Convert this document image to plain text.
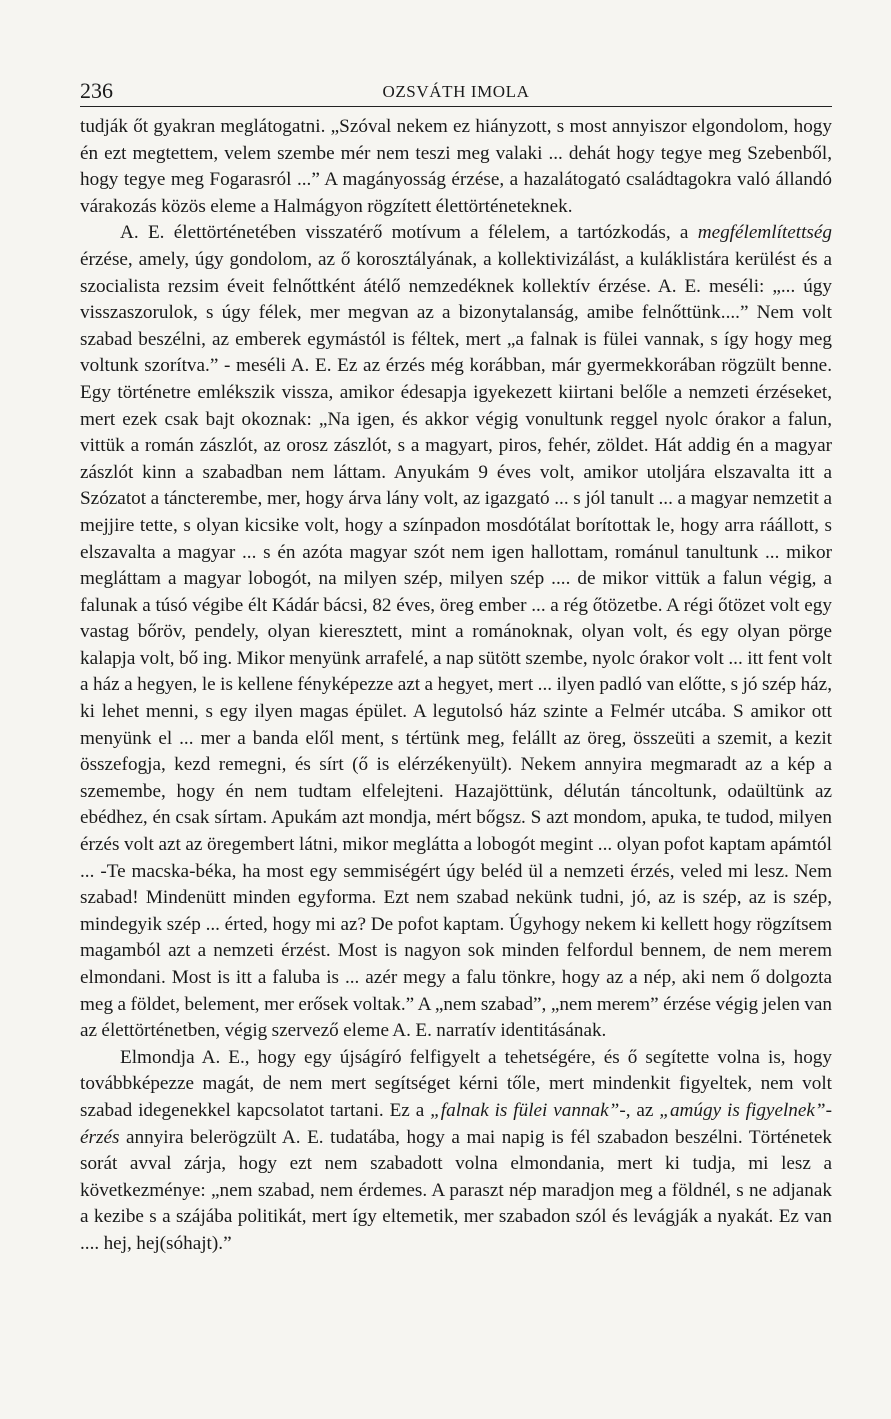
236	OZSVÁTH IMOLA

tudják őt gyakran meglátogatni. „Szóval nekem ez hiányzott, s most annyiszor elgondolom, hogy én ezt megtettem, velem szembe mér nem teszi meg valaki ... dehát hogy tegye meg Szebenből, hogy tegye meg Fogarasról ...” A magányosság érzése, a hazalátogató családtagokra való állandó várakozás közös eleme a Halmágyon rögzített élettörténeteknek.

A. E. élettörténetében visszatérő motívum a félelem, a tartózkodás, a megfélemlítettség érzése, amely, úgy gondolom, az ő korosztályának, a kollektivizálást, a kuláklistára kerülést és a szocialista rezsim éveit felnőttként átélő nemzedéknek kollektív érzése. A. E. meséli: „... úgy visszaszorulok, s úgy félek, mer megvan az a bizonytalanság, amibe felnőttünk....” Nem volt szabad beszélni, az emberek egymástól is féltek, mert „a falnak is fülei vannak, s így hogy meg voltunk szorítva.” - meséli A. E. Ez az érzés még korábban, már gyermekkorában rögzült benne. Egy történetre emlékszik vissza, amikor édesapja igyekezett kiirtani belőle a nemzeti érzéseket, mert ezek csak bajt okoznak: „Na igen, és akkor végig vonultunk reggel nyolc órakor a falun, vittük a román zászlót, az orosz zászlót, s a magyart, piros, fehér, zöldet. Hát addig én a magyar zászlót kinn a szabadban nem láttam. Anyukám 9 éves volt, amikor utoljára elszavalta itt a Szózatot a táncterembe, mer, hogy árva lány volt, az igazgató ... s jól tanult ... a magyar nemzetit a mejjire tette, s olyan kicsike volt, hogy a színpadon mosdótálat borítottak le, hogy arra ráállott, s elszavalta a magyar ... s én azóta magyar szót nem igen hallottam, románul tanultunk ... mikor megláttam a magyar lobogót, na milyen szép, milyen szép .... de mikor vittük a falun végig, a falunak a túsó végibe élt Kádár bácsi, 82 éves, öreg ember ... a rég őtözetbe. A régi őtözet volt egy vastag bőröv, pendely, olyan kieresztett, mint a románoknak, olyan volt, és egy olyan pörge kalapja volt, bő ing. Mikor menyünk arrafelé, a nap sütött szembe, nyolc órakor volt ... itt fent volt a ház a hegyen, le is kellene fényképezze azt a hegyet, mert ... ilyen padló van előtte, s jó szép ház, ki lehet menni, s egy ilyen magas épület. A legutolsó ház szinte a Felmér utcába. S amikor ott menyünk el ... mer a banda elől ment, s tértünk meg, felállt az öreg, összeüti a szemit, a kezit összefogja, kezd remegni, és sírt (ő is elérzékenyült). Nekem annyira megmaradt az a kép a szemembe, hogy én nem tudtam elfelejteni. Hazajöttünk, délután táncoltunk, odaültünk az ebédhez, én csak sírtam. Apukám azt mondja, mért bőgsz. S azt mondom, apuka, te tudod, milyen érzés volt azt az öregembert látni, mikor meglátta a lobogót megint ... olyan pofot kaptam apámtól ... -Te macska-béka, ha most egy semmiségért úgy beléd ül a nemzeti érzés, veled mi lesz. Nem szabad! Mindenütt minden egyforma. Ezt nem szabad nekünk tudni, jó, az is szép, az is szép, mindegyik szép ... érted, hogy mi az? De pofot kaptam. Úgyhogy nekem ki kellett hogy rögzítsem magamból azt a nemzeti érzést. Most is nagyon sok minden felfordul bennem, de nem merem elmondani. Most is itt a faluba is ... azér megy a falu tönkre, hogy az a nép, aki nem ő dolgozta meg a földet, belement, mer erősek voltak.” A „nem szabad”, „nem merem” érzése végig jelen van az élettörténetben, végig szervező eleme A. E. narratív identitásának.

Elmondja A. E., hogy egy újságíró felfigyelt a tehetségére, és ő segítette volna is, hogy továbbképezze magát, de nem mert segítséget kérni tőle, mert mindenkit figyeltek, nem volt szabad idegenekkel kapcsolatot tartani. Ez a „falnak is fülei vannak”-, az „amúgy is figyelnek”- érzés annyira belerögzült A. E. tudatába, hogy a mai napig is fél szabadon beszélni. Történetek sorát avval zárja, hogy ezt nem szabadott volna elmondania, mert ki tudja, mi lesz a következménye: „nem szabad, nem érdemes. A paraszt nép maradjon meg a földnél, s ne adjanak a kezibe s a szájába politikát, mert így eltemetik, mer szabadon szól és levágják a nyakát. Ez van .... hej, hej(sóhajt).”
